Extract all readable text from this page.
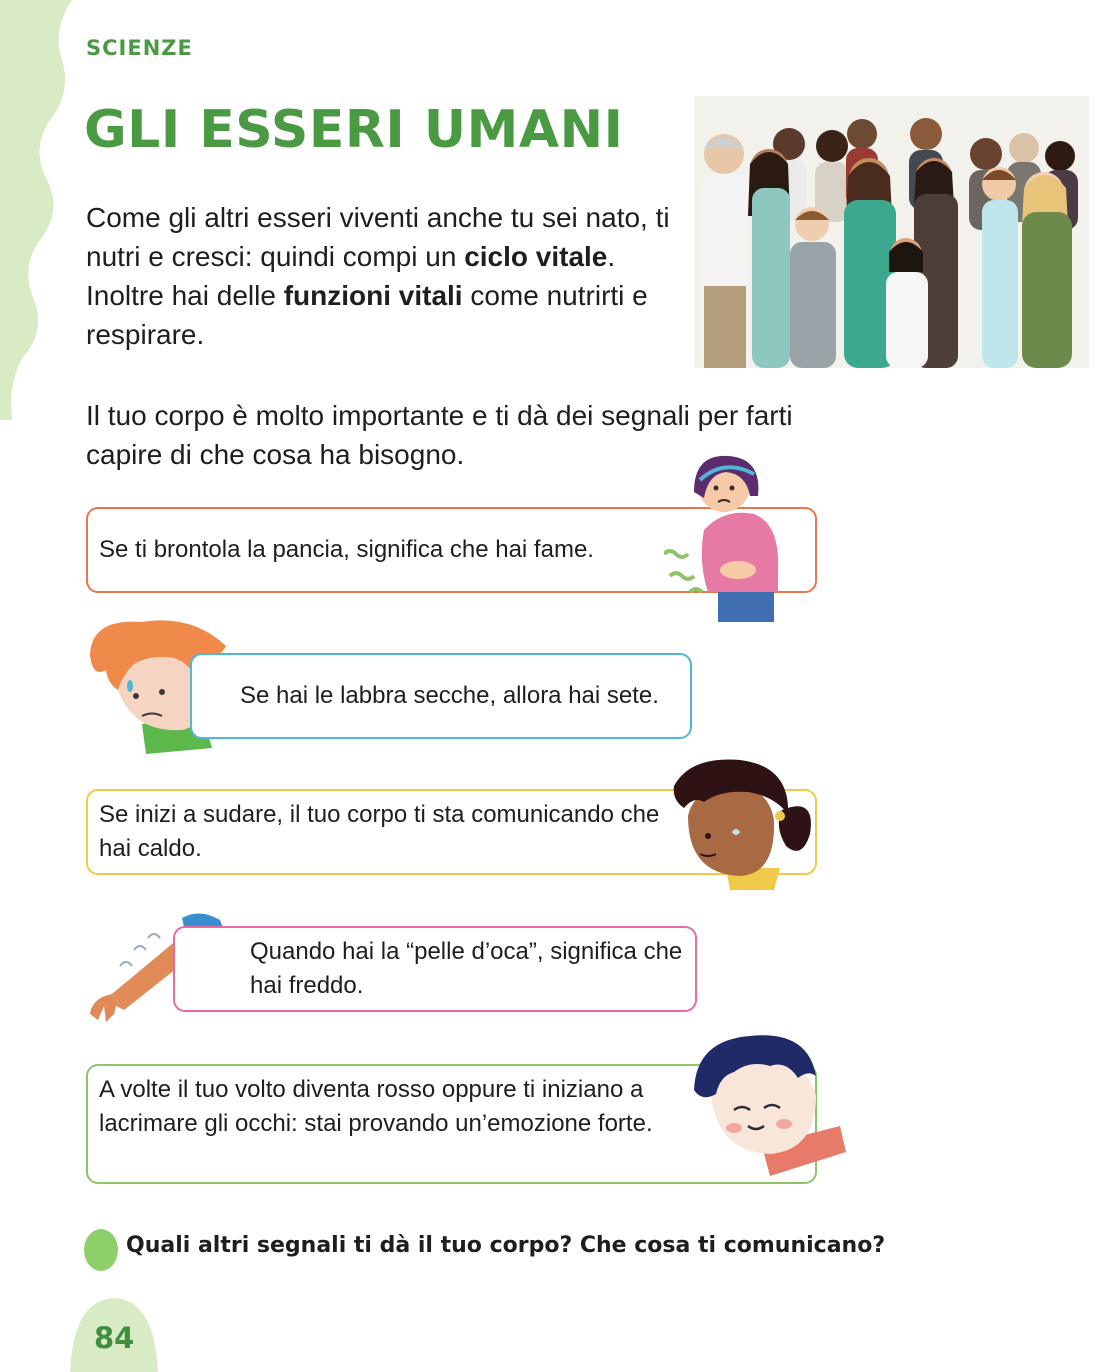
SCIENZE
GLI ESSERI UMANI

Come gli altri esseri viventi anche tu sei nato, ti nutri e cresci: quindi compi un ciclo vitale. Inoltre hai delle funzioni vitali come nutrirti e respirare.

Il tuo corpo è molto importante e ti dà dei segnali per farti capire di che cosa ha bisogno.

Se ti brontola la pancia, significa che hai fame.
Se hai le labbra secche, allora hai sete.
Se inizi a sudare, il tuo corpo ti sta comunicando che hai caldo.
Quando hai la “pelle d’oca”, significa che hai freddo.
A volte il tuo volto diventa rosso oppure ti iniziano a lacrimare gli occhi: stai provando un’emozione forte.
Quali altri segnali ti dà il tuo corpo? Che cosa ti comunicano?
84
